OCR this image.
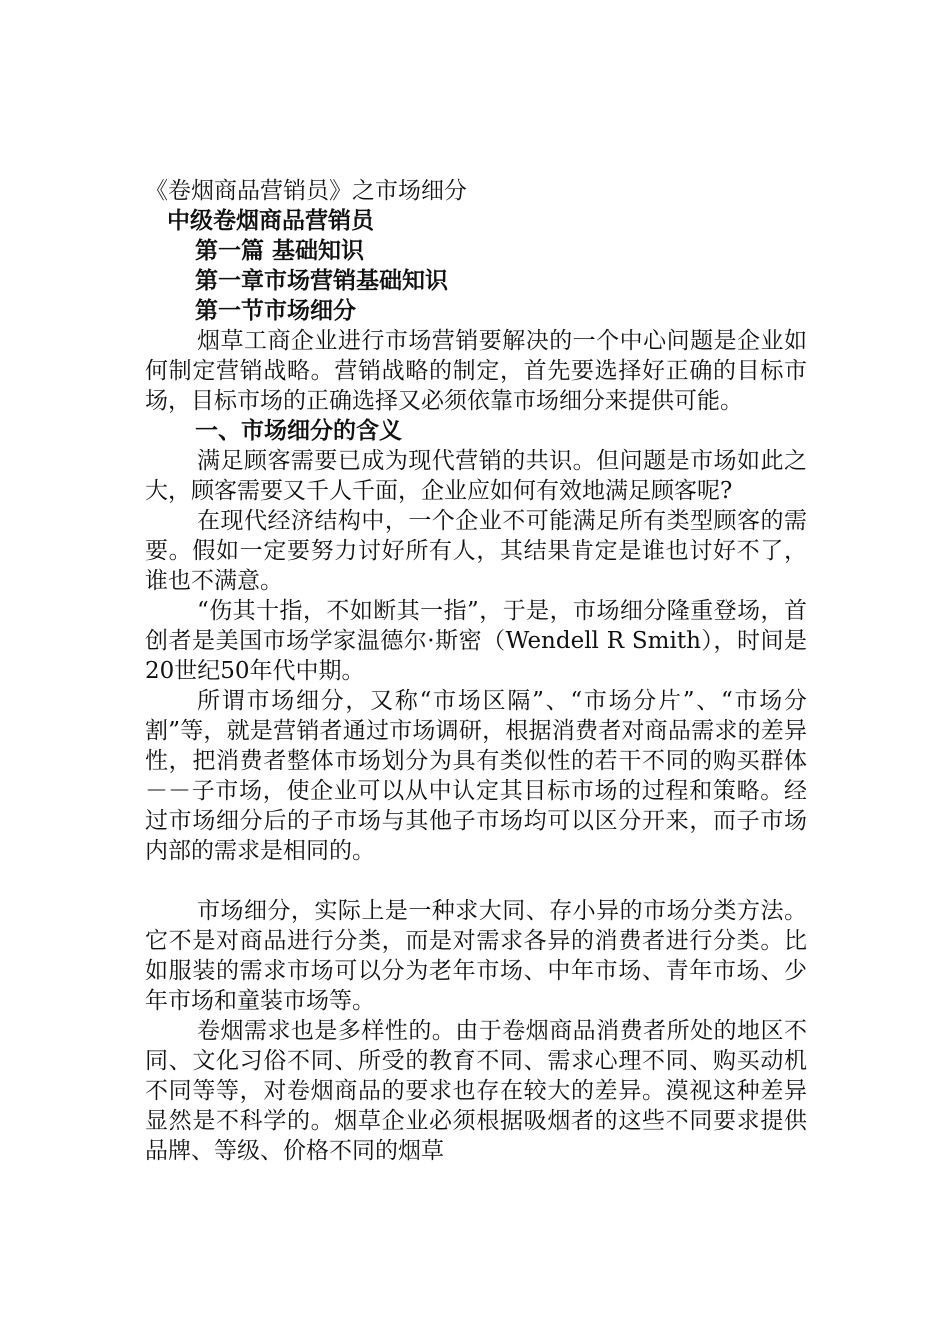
《卷烟商品营销员》之市场细分

中级卷烟商品营销员

第一篇 基础知识

第一章市场营销基础知识

第一节市场细分

烟草工商企业进行市场营销要解决的一个中心问题是企业如何制定营销战略。营销战略的制定，首先要选择好正确的目标市场，目标市场的正确选择又必须依靠市场细分来提供可能。

一、市场细分的含义

满足顾客需要已成为现代营销的共识。但问题是市场如此之大，顾客需要又千人千面，企业应如何有效地满足顾客呢?

在现代经济结构中，一个企业不可能满足所有类型顾客的需要。假如一定要努力讨好所有人，其结果肯定是谁也讨好不了，谁也不满意。

“伤其十指，不如断其一指”，于是，市场细分隆重登场，首创者是美国市场学家温德尔·斯密（Wendell R Smith），时间是20世纪50年代中期。

所谓市场细分，又称“市场区隔”、“市场分片”、“市场分割”等，就是营销者通过市场调研，根据消费者对商品需求的差异性，把消费者整体市场划分为具有类似性的若干不同的购买群体－－子市场，使企业可以从中认定其目标市场的过程和策略。经过市场细分后的子市场与其他子市场均可以区分开来，而子市场内部的需求是相同的。

市场细分，实际上是一种求大同、存小异的市场分类方法。它不是对商品进行分类，而是对需求各异的消费者进行分类。比如服装的需求市场可以分为老年市场、中年市场、青年市场、少年市场和童装市场等。

卷烟需求也是多样性的。由于卷烟商品消费者所处的地区不同、文化习俗不同、所受的教育不同、需求心理不同、购买动机不同等等，对卷烟商品的要求也存在较大的差异。漠视这种差异显然是不科学的。烟草企业必须根据吸烟者的这些不同要求提供品牌、等级、价格不同的烟草
